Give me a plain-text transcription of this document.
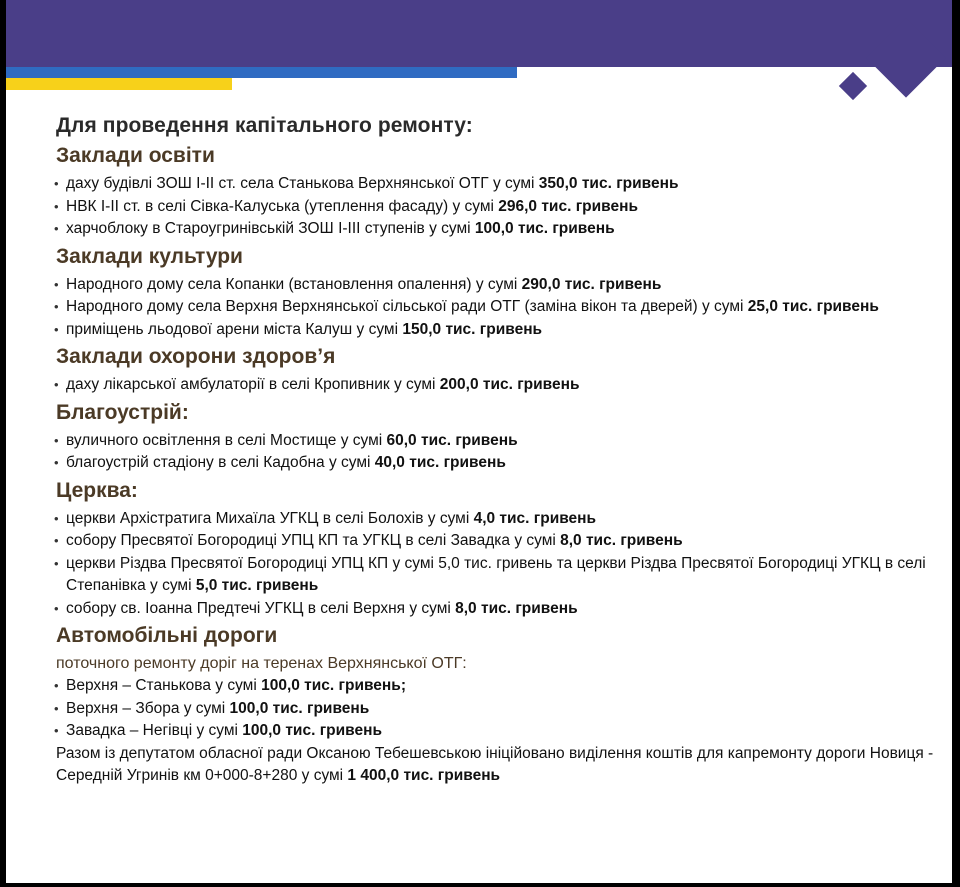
Для проведення капітального ремонту:
Заклади освіти
• даху будівлі ЗОШ I-II ст. села Станькова Верхнянської ОТГ у сумі 350,0 тис. гривень
• НВК I-II ст. в селі Сівка-Калуська (утеплення фасаду) у сумі 296,0 тис. гривень
• харчоблоку в Староугринівській ЗОШ I-III ступенів у сумі 100,0 тис. гривень
Заклади культури
• Народного дому села Копанки (встановлення опалення) у сумі 290,0 тис. гривень
• Народного дому села Верхня Верхнянської сільської ради ОТГ (заміна вікон та дверей) у сумі 25,0 тис. гривень
• приміщень льодової арени міста Калуш у сумі 150,0 тис. гривень
Заклади охорони здоров’я
• даху лікарської амбулаторії в селі Кропивник у сумі 200,0 тис. гривень
Благоустрій:
• вуличного освітлення в селі Мостище у сумі 60,0 тис. гривень
• благоустрій стадіону в селі Кадобна у сумі 40,0 тис. гривень
Церква:
• церкви Архістратига Михаїла УГКЦ в селі Болохів у сумі 4,0 тис. гривень
• собору Пресвятої Богородиці УПЦ КП та УГКЦ в селі Завадка у сумі 8,0 тис. гривень
• церкви Різдва Пресвятої Богородиці УПЦ КП у сумі 5,0 тис. гривень та церкви Різдва Пресвятої Богородиці УГКЦ в селі Степанівка у сумі 5,0 тис. гривень
• собору св. Іоанна Предтечі УГКЦ в селі Верхня у сумі 8,0 тис. гривень
Автомобільні дороги
поточного ремонту доріг на теренах Верхнянської ОТГ:
• Верхня – Станькова у сумі 100,0 тис. гривень;
• Верхня – Збора у сумі 100,0 тис. гривень
• Завадка – Негівці у сумі 100,0 тис. гривень
Разом із депутатом обласної ради Оксаною Тебешевською ініційовано виділення коштів для капремонту дороги Новиця - Середній Угринів км 0+000-8+280 у сумі 1 400,0 тис. гривень
